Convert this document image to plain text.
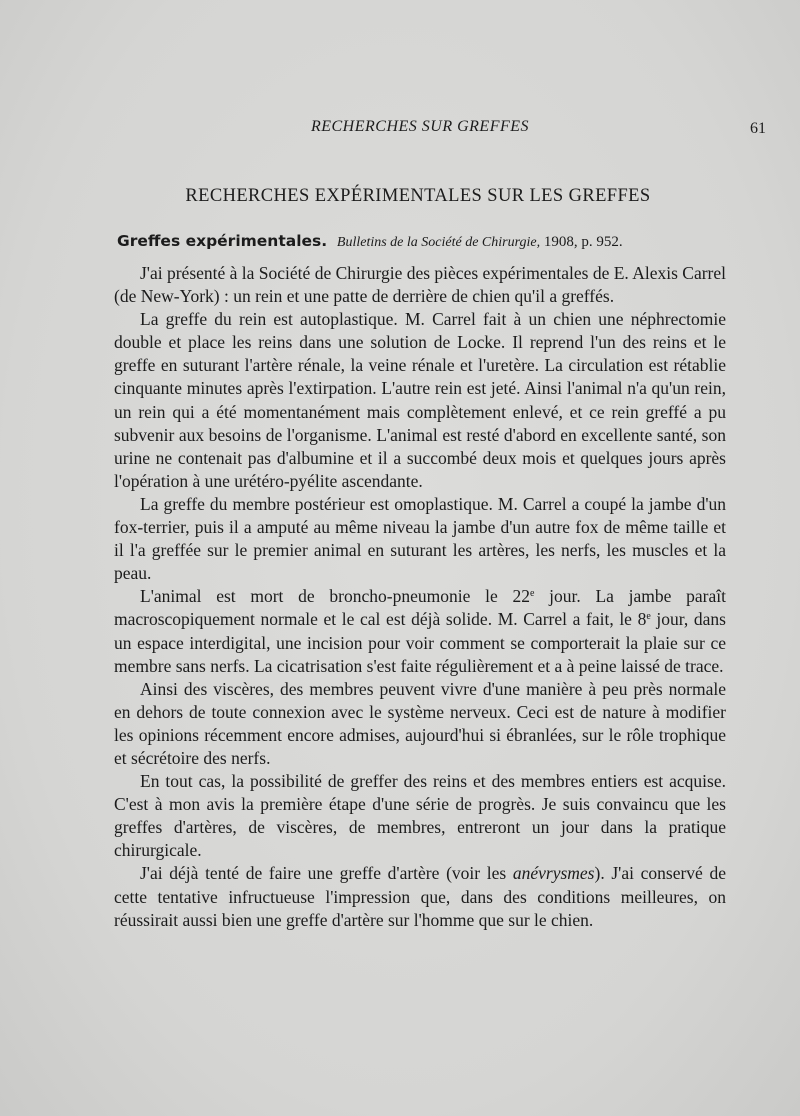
RECHERCHES SUR GREFFES	61
RECHERCHES EXPÉRIMENTALES SUR LES GREFFES
Greffes expérimentales. Bulletins de la Société de Chirurgie, 1908, p. 952.

J'ai présenté à la Société de Chirurgie des pièces expérimentales de E. Alexis Carrel (de New-York) : un rein et une patte de derrière de chien qu'il a greffés.

La greffe du rein est autoplastique. M. Carrel fait à un chien une néphrectomie double et place les reins dans une solution de Locke. Il reprend l'un des reins et le greffe en suturant l'artère rénale, la veine rénale et l'uretère. La circulation est rétablie cinquante minutes après l'extirpation. L'autre rein est jeté. Ainsi l'animal n'a qu'un rein, un rein qui a été momentanément mais complètement enlevé, et ce rein greffé a pu subvenir aux besoins de l'organisme. L'animal est resté d'abord en excellente santé, son urine ne contenait pas d'albumine et il a succombé deux mois et quelques jours après l'opération à une urétéro-pyélite ascendante.

La greffe du membre postérieur est omoplastique. M. Carrel a coupé la jambe d'un fox-terrier, puis il a amputé au même niveau la jambe d'un autre fox de même taille et il l'a greffée sur le premier animal en suturant les artères, les nerfs, les muscles et la peau.

L'animal est mort de broncho-pneumonie le 22e jour. La jambe paraît macroscopiquement normale et le cal est déjà solide. M. Carrel a fait, le 8e jour, dans un espace interdigital, une incision pour voir comment se comporterait la plaie sur ce membre sans nerfs. La cicatrisation s'est faite régulièrement et a à peine laissé de trace.

Ainsi des viscères, des membres peuvent vivre d'une manière à peu près normale en dehors de toute connexion avec le système nerveux. Ceci est de nature à modifier les opinions récemment encore admises, aujourd'hui si ébranlées, sur le rôle trophique et sécrétoire des nerfs.

En tout cas, la possibilité de greffer des reins et des membres entiers est acquise. C'est à mon avis la première étape d'une série de progrès. Je suis convaincu que les greffes d'artères, de viscères, de membres, entreront un jour dans la pratique chirurgicale.

J'ai déjà tenté de faire une greffe d'artère (voir les anévrysmes). J'ai conservé de cette tentative infructueuse l'impression que, dans des conditions meilleures, on réussirait aussi bien une greffe d'artère sur l'homme que sur le chien.
